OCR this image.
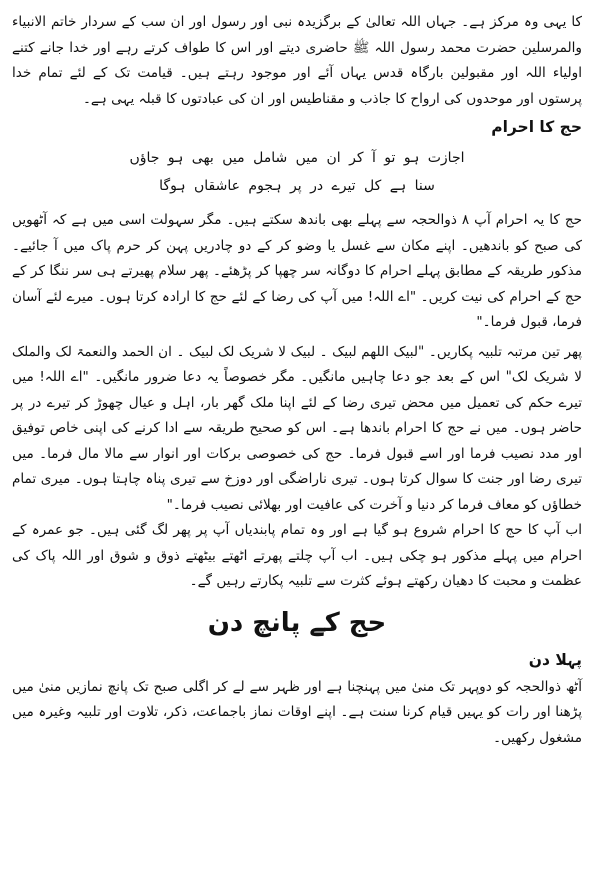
کا یہی وہ مرکز ہے۔ جہاں اللہ تعالیٰ کے برگزیدہ نبی اور رسول اور ان سب کے سردار خاتم الانبیاء والمرسلین حضرت محمد رسول اللہ ﷺ حاضری دیتے اور اس کا طواف کرتے رہے اور خدا جانے کتنے اولیاء اللہ اور مقبولین بارگاہ قدس یہاں آئے اور موجود رہتے ہیں۔ قیامت تک کے لئے تمام خدا پرستوں اور موحدوں کی ارواح کا جاذب و مقناطیس اور ان کی عبادتوں کا قبلہ یہی ہے۔

حج کا احرام
اجازت ہو تو آ کر ان میں شامل میں بھی ہو جاؤں
سنا ہے کل تیرے در پر ہجوم عاشقاں ہوگا

حج کا یہ احرام آپ ۸ ذوالحجہ سے پہلے بھی باندھ سکتے ہیں۔ مگر سہولت اسی میں ہے کہ آٹھویں کی صبح کو باندھیں۔ اپنے مکان سے غسل یا وضو کر کے دو چادریں پہن کر حرم پاک میں آ جائیے۔ مذکور طریقہ کے مطابق پہلے احرام کا دوگانہ سر چھپا کر پڑھئے۔ پھر سلام پھیرتے ہی سر ننگا کر کے حج کے احرام کی نیت کریں۔ "اے اللہ! میں آپ کی رضا کے لئے حج کا ارادہ کرتا ہوں۔ میرے لئے آسان فرما، قبول فرما۔"

پھر تین مرتبہ تلبیہ پکاریں۔ "لبیک اللھم لبیک ۔ لبیک لا شریک لک لبیک ۔ ان الحمد والنعمۃ لک والملک لا شریک لک" اس کے بعد جو دعا چاہیں مانگیں۔ مگر خصوصاً یہ دعا ضرور مانگیں۔ "اے اللہ! میں تیرے حکم کی تعمیل میں محض تیری رضا کے لئے اپنا ملک گھر بار، اہل و عیال چھوڑ کر تیرے در پر حاضر ہوں۔ میں نے حج کا احرام باندھا ہے۔ اس کو صحیح طریقہ سے ادا کرنے کی اپنی خاص توفیق اور مدد نصیب فرما اور اسے قبول فرما۔ حج کی خصوصی برکات اور انوار سے مالا مال فرما۔ میں تیری رضا اور جنت کا سوال کرتا ہوں۔ تیری ناراضگی اور دوزخ سے تیری پناہ چاہتا ہوں۔ میری تمام خطاؤں کو معاف فرما کر دنیا و آخرت کی عافیت اور بھلائی نصیب فرما۔"

اب آپ کا حج کا احرام شروع ہو گیا ہے اور وہ تمام پابندیاں آپ پر پھر لگ گئی ہیں۔ جو عمرہ کے احرام میں پہلے مذکور ہو چکی ہیں۔ اب آپ چلتے پھرتے اٹھتے بیٹھتے ذوق و شوق اور اللہ پاک کی عظمت و محبت کا دھیان رکھتے ہوئے کثرت سے تلبیہ پکارتے رہیں گے۔

حج کے پانچ دن
پہلا دن

آٹھ ذوالحجہ کو دوپہر تک منیٰ میں پہنچنا ہے اور ظہر سے لے کر اگلی صبح تک پانچ نمازیں منیٰ میں پڑھنا اور رات کو یہیں قیام کرنا سنت ہے۔ اپنے اوقات نماز باجماعت، ذکر، تلاوت اور تلبیہ وغیرہ میں مشغول رکھیں۔
